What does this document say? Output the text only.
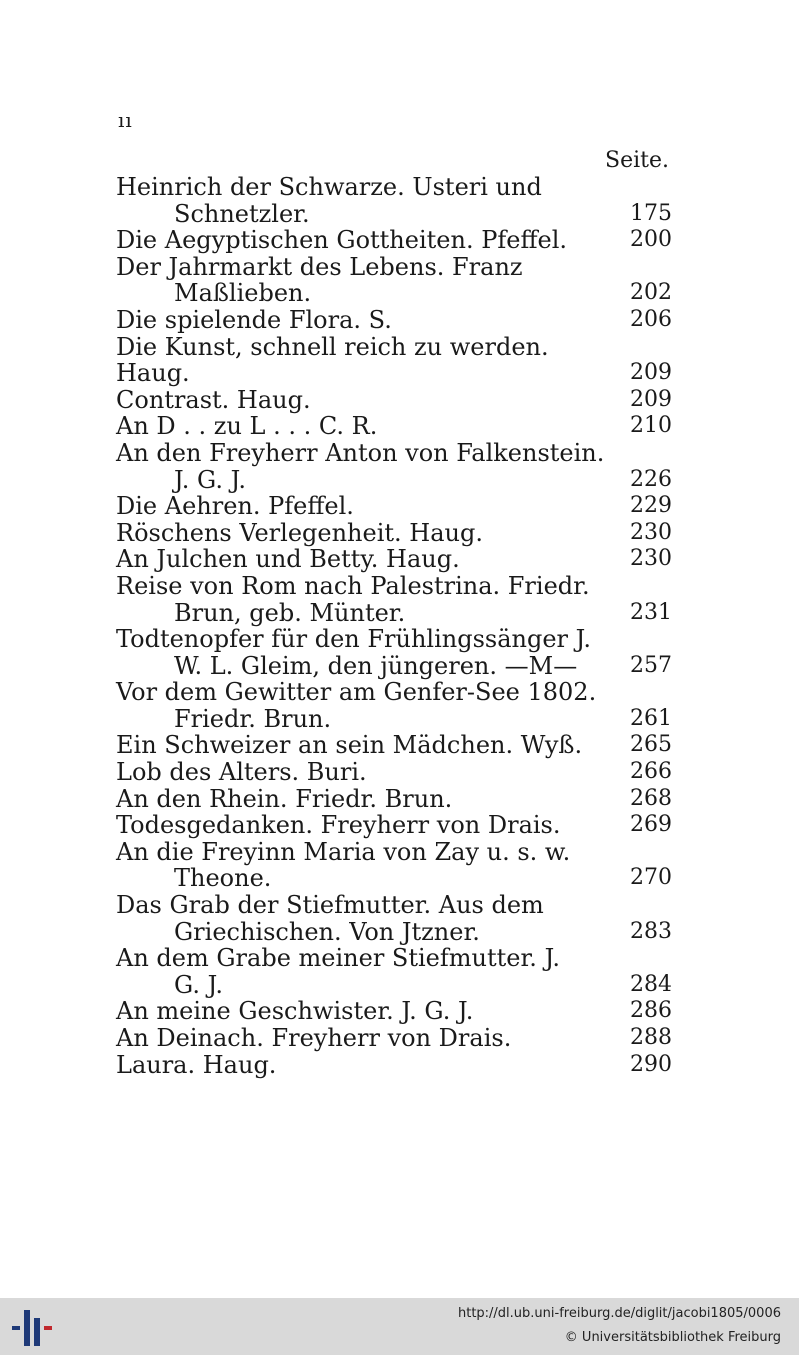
ıı
Seite.
Heinrich der Schwarze. Usteri und
Schnetzler.	175
Die Aegyptischen Gottheiten. Pfeffel.	200
Der Jahrmarkt des Lebens. Franz
Maßlieben.	202
Die spielende Flora. S.	206
Die Kunst, schnell reich zu werden. Haug.	209
Contrast. Haug.	209
An D . . zu L . . . C. R.	210
An den Freyherr Anton von Falkenstein.
J. G. J.	226
Die Aehren. Pfeffel.	229
Röschens Verlegenheit. Haug.	230
An Julchen und Betty. Haug.	230
Reise von Rom nach Palestrina. Friedr.
Brun, geb. Münter.	231
Todtenopfer für den Frühlingssänger J.
W. L. Gleim, den jüngeren. —M—	257
Vor dem Gewitter am Genfer-See 1802.
Friedr. Brun.	261
Ein Schweizer an sein Mädchen. Wyß.	265
Lob des Alters. Buri.	266
An den Rhein. Friedr. Brun.	268
Todesgedanken. Freyherr von Drais.	269
An die Freyinn Maria von Zay u. s. w.
Theone.	270
Das Grab der Stiefmutter. Aus dem
Griechischen. Von Jtzner.	283
An dem Grabe meiner Stiefmutter. J.
G. J.	284
An meine Geschwister. J. G. J.	286
An Deinach. Freyherr von Drais.	288
Laura. Haug.	290
http://dl.ub.uni-freiburg.de/diglit/jacobi1805/0006
© Universitätsbibliothek Freiburg
